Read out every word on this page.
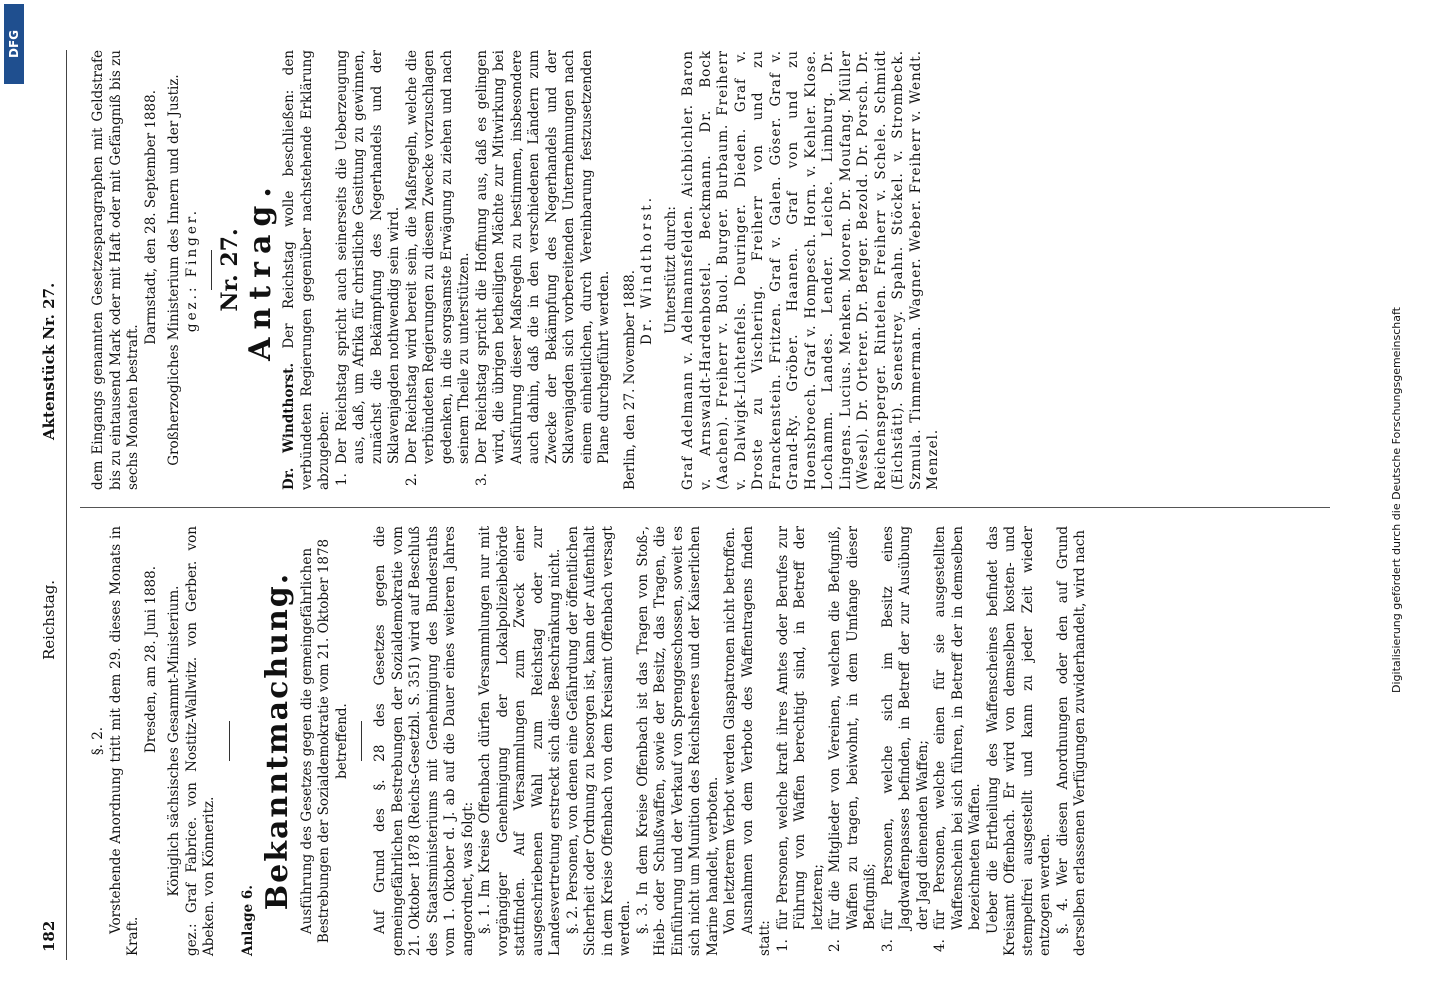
182
Reichstag.
Aktenstück Nr. 27.

§. 2. Vorstehende Anordnung tritt mit dem 29. dieses Monats in Kraft.

Dresden, am 28. Juni 1888. Königlich sächsisches Gesammt-Ministerium. gez.: Graf Fabrice. von Nostitz-Wallwitz. von Gerber. von Abeken. von Könneritz. Anlage 6.

Bekanntmachung. Ausführung des Gesetzes gegen die gemeingefährlichen Bestrebungen der Sozialdemokratie vom 21. Oktober 1878 betreffend. Auf Grund des §. 28 des Gesetzes gegen die gemeingefährlichen Bestrebungen der Sozialdemokratie vom 21. Oktober 1878 (Reichs-Gesetzbl. S. 351) wird auf Beschluß des Staatsministeriums mit Genehmigung des Bundesraths vom 1. Oktober d. J. ab auf die Dauer eines weiteren Jahres angeordnet, was folgt: §. 1. Im Kreise Offenbach dürfen Versammlungen nur mit vorgängiger Genehmigung der Lokalpolizeibehörde stattfinden. Auf Versammlungen zum Zweck einer ausgeschriebenen Wahl zum Reichstag oder zur Landesvertretung erstreckt sich diese Beschränkung nicht. §. 2. Personen, von denen eine Gefährdung der öffentlichen Sicherheit oder Ordnung zu besorgen ist, kann der Aufenthalt in dem Kreise Offenbach von dem Kreisamt Offenbach versagt werden. §. 3. In dem Kreise Offenbach ist das Tragen von Stoß-, Hieb- oder Schußwaffen, sowie der Besitz, das Tragen, die Einführung und der Verkauf von Sprenggeschossen, soweit es sich nicht um Munition des Reichsheeres und der Kaiserlichen Marine handelt, verboten. Von letzterem Verbot werden Glaspatronen nicht betroffen. Ausnahmen von dem Verbote des Waffentragens finden statt: 1.
für Personen, welche kraft ihres Amtes oder Berufes zur Führung von Waffen berechtigt sind, in Betreff der letzteren;

2.
für die Mitglieder von Vereinen, welchen die Befugniß, Waffen zu tragen, beiwohnt, in dem Umfange dieser Befugniß;

3.
für Personen, welche sich im Besitz eines Jagdwaffenpasses befinden, in Betreff der zur Ausübung der Jagd dienenden Waffen;

4.
für Personen, welche einen für sie ausgestellten Waffenschein bei sich führen, in Betreff der in demselben bezeichneten Waffen. Ueber die Ertheilung des Waffenscheines befindet das Kreisamt Offenbach. Er wird von demselben kosten- und stempelfrei ausgestellt und kann zu jeder Zeit wieder entzogen werden. §. 4. Wer diesen Anordnungen oder den auf Grund derselben erlassenen Verfügungen zuwiderhandelt, wird nach

dem Eingangs genannten Gesetzesparagraphen mit Geldstrafe bis zu eintausend Mark oder mit Haft oder mit Gefängniß bis zu sechs Monaten bestraft.

Darmstadt, den 28. September 1888. Großherzogliches Ministerium des Innern und der Justiz. gez.: Finger. Nr. 27. Antrag.

Dr. Windthorst. Der Reichstag wolle beschließen: den verbündeten Regierungen gegenüber nachstehende Erklärung abzugeben: 1.
Der Reichstag spricht auch seinerseits die Ueberzeugung aus, daß, um Afrika für christliche Gesittung zu gewinnen, zunächst die Bekämpfung des Negerhandels und der Sklavenjagden nothwendig sein wird.

2.
Der Reichstag wird bereit sein, die Maßregeln, welche die verbündeten Regierungen zu diesem Zwecke vorzuschlagen gedenken, in die sorgsamste Erwägung zu ziehen und nach seinem Theile zu unterstützen.

3.
Der Reichstag spricht die Hoffnung aus, daß es gelingen wird, die übrigen betheiligten Mächte zur Mitwirkung bei Ausführung dieser Maßregeln zu bestimmen, insbesondere auch dahin, daß die in den verschiedenen Ländern zum Zwecke der Bekämpfung des Negerhandels und der Sklavenjagden sich vorbereitenden Unternehmungen nach einem einheitlichen, durch Vereinbarung festzusetzenden Plane durchgeführt werden. Berlin, den 27. November 1888. Dr. Windthorst. Unterstützt durch: Graf Adelmann v. Adelmannsfelden. Aichbichler. Baron v. Arnswaldt-Hardenbostel. Beckmann. Dr. Bock (Aachen). Freiherr v. Buol. Burger. Burbaum. Freiherr v. Dalwigk-Lichtenfels. Deuringer. Dieden. Graf v. Droste zu Vischering. Freiherr von und zu Franckenstein. Fritzen. Graf v. Galen. Göser. Graf v. Grand-Ry. Gröber. Haanen. Graf von und zu Hoensbroech. Graf v. Hompesch. Horn. v. Kehler. Klose. Lochamm. Landes. Lender. Leiche. Limburg. Dr. Lingens. Lucius. Menken. Mooren. Dr. Moufang. Müller (Wesel). Dr. Orterer. Dr. Berger. Bezold. Dr. Porsch. Dr. Reichensperger. Rintelen. Freiherr v. Schele. Schmidt (Eichstätt). Senestrey. Spahn. Stöckel. v. Strombeck. Szmula. Timmerman. Wagner. Weber. Freiherr v. Wendt. Menzel.	Digitalisierung gefördert durch die Deutsche Forschungsgemeinschaft
DFG
